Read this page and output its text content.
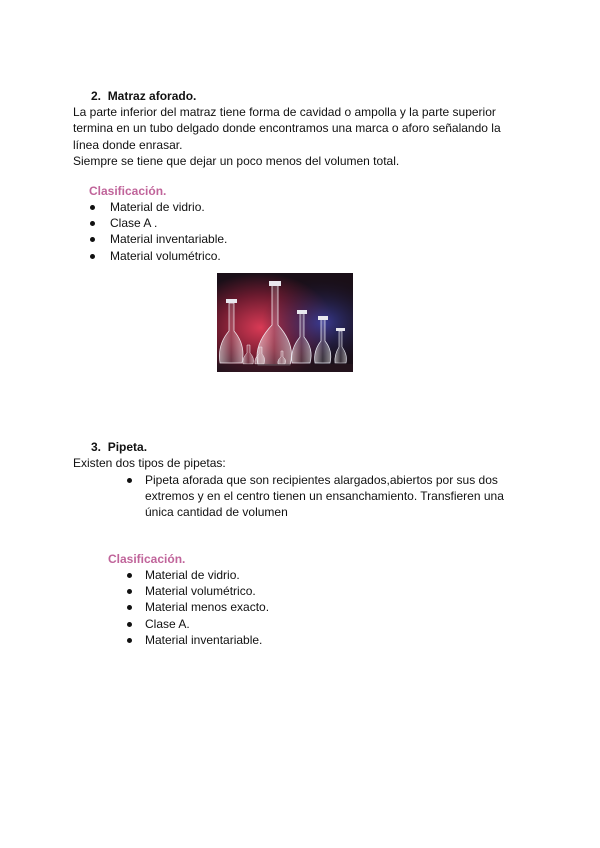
2. Matraz aforado.
La parte inferior del matraz tiene forma de cavidad o ampolla y la parte superior
termina en un tubo delgado donde encontramos una marca o aforo señalando la
línea donde enrasar.
Siempre se tiene que dejar un poco menos del volumen total.
Clasificación.
Material de vidrio.
Clase A .
Material inventariable.
Material volumétrico.
3. Pipeta.
Existen dos tipos de pipetas:
Pipeta aforada que son recipientes alargados,abiertos por sus dos
extremos y en el centro tienen un ensanchamiento. Transfieren una
única cantidad de volumen
Clasificación.
Material de vidrio.
Material volumétrico.
Material menos exacto.
Clase A.
Material inventariable.
